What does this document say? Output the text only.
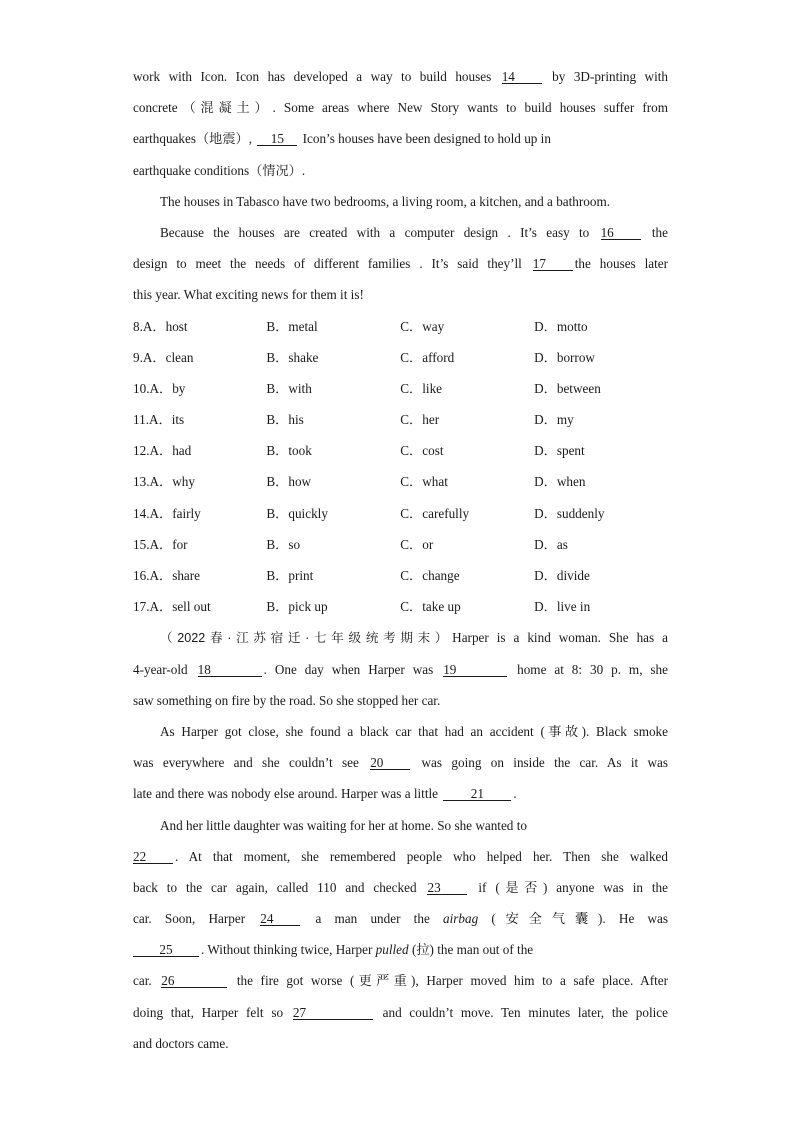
work with Icon. Icon has developed a way to build houses 14 by 3D-printing with
concrete（混凝土）. Some areas where New Story wants to build houses suffer from
earthquakes（地震）, 15 Icon’s houses have been designed to hold up in
earthquake conditions（情况）.
The houses in Tabasco have two bedrooms, a living room, a kitchen, and a bathroom.
Because the houses are created with a computer design . It’s easy to 16 the
design to meet the needs of different families . It’s said they’ll 17 the houses later
this year. What exciting news for them it is!
8.A．host	B．metal	C．way	D．motto
9.A．clean	B．shake	C．afford	D．borrow
10.A．by	B．with	C．like	D．between
11.A．its	B．his	C．her	D．my
12.A．had	B．took	C．cost	D．spent
13.A．why	B．how	C．what	D．when
14.A．fairly	B．quickly	C．carefully	D．suddenly
15.A．for	B．so	C．or	D．as
16.A．share	B．print	C．change	D．divide
17.A．sell out	B．pick up	C．take up	D．live in
（2022春·江苏宿迁·七年级统考期末）Harper is a kind woman. She has a
4-year-old 18	. One day when Harper was 19	home at 8: 30 p. m, she
saw something on fire by the road. So she stopped her car.
As Harper got close, she found a black car that had an accident (事故). Black smoke
was everywhere and she couldn’t see 20 was going on inside the car. As it was
late and there was nobody else around. Harper was a little 21 .
And her little daughter was waiting for her at home. So she wanted to
22 . At that moment, she remembered people who helped her. Then she walked
back to the car again, called 110 and checked 23 if (是否) anyone was in the
car. Soon, Harper 24 a man under the airbag (安全气囊). He was
25 . Without thinking twice, Harper pulled (拉) the man out of the
car. 26	the fire got worse (更严重), Harper moved him to a safe place. After
doing that, Harper felt so 27	and couldn’t move. Ten minutes later, the police
and doctors came.
